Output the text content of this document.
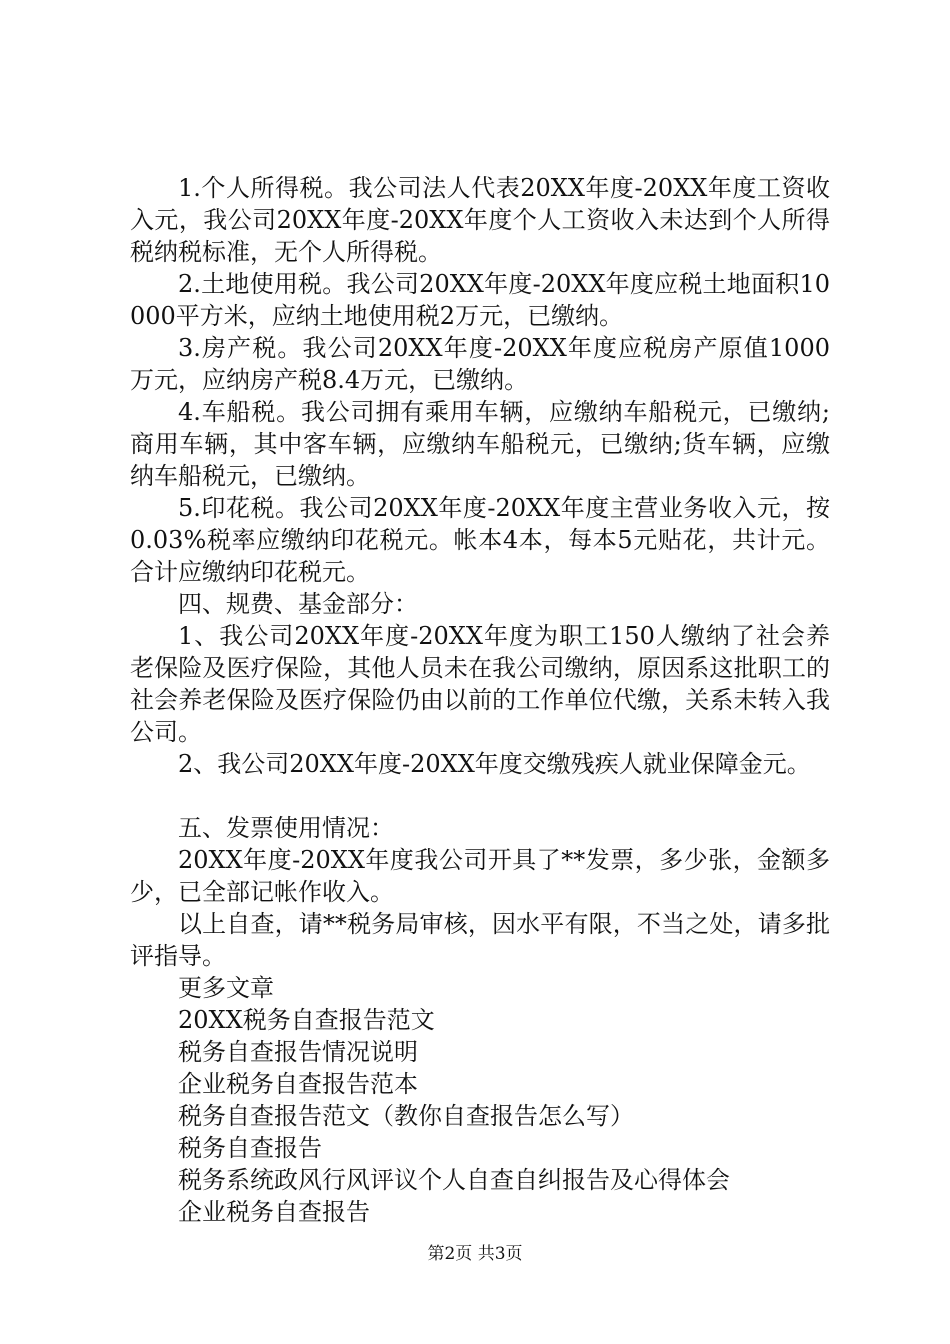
1.个人所得税。我公司法人代表20XX年度-20XX年度工资收入元，我公司20XX年度-20XX年度个人工资收入未达到个人所得税纳税标准，无个人所得税。

2.土地使用税。我公司20XX年度-20XX年度应税土地面积10000平方米，应纳土地使用税2万元，已缴纳。

3.房产税。我公司20XX年度-20XX年度应税房产原值1000万元，应纳房产税8.4万元，已缴纳。

4.车船税。我公司拥有乘用车辆，应缴纳车船税元，已缴纳;商用车辆，其中客车辆，应缴纳车船税元，已缴纳;货车辆，应缴纳车船税元，已缴纳。

5.印花税。我公司20XX年度-20XX年度主营业务收入元，按0.03%税率应缴纳印花税元。帐本4本，每本5元贴花，共计元。合计应缴纳印花税元。

四、规费、基金部分：

1、我公司20XX年度-20XX年度为职工150人缴纳了社会养老保险及医疗保险，其他人员未在我公司缴纳，原因系这批职工的社会养老保险及医疗保险仍由以前的工作单位代缴，关系未转入我公司。

2、我公司20XX年度-20XX年度交缴残疾人就业保障金元。

五、发票使用情况：

20XX年度-20XX年度我公司开具了**发票，多少张，金额多少，已全部记帐作收入。

以上自查，请**税务局审核，因水平有限，不当之处，请多批评指导。

更多文章
20XX税务自查报告范文
税务自查报告情况说明
企业税务自查报告范本
税务自查报告范文（教你自查报告怎么写）
税务自查报告
税务系统政风行风评议个人自查自纠报告及心得体会
企业税务自查报告
第2页 共3页
